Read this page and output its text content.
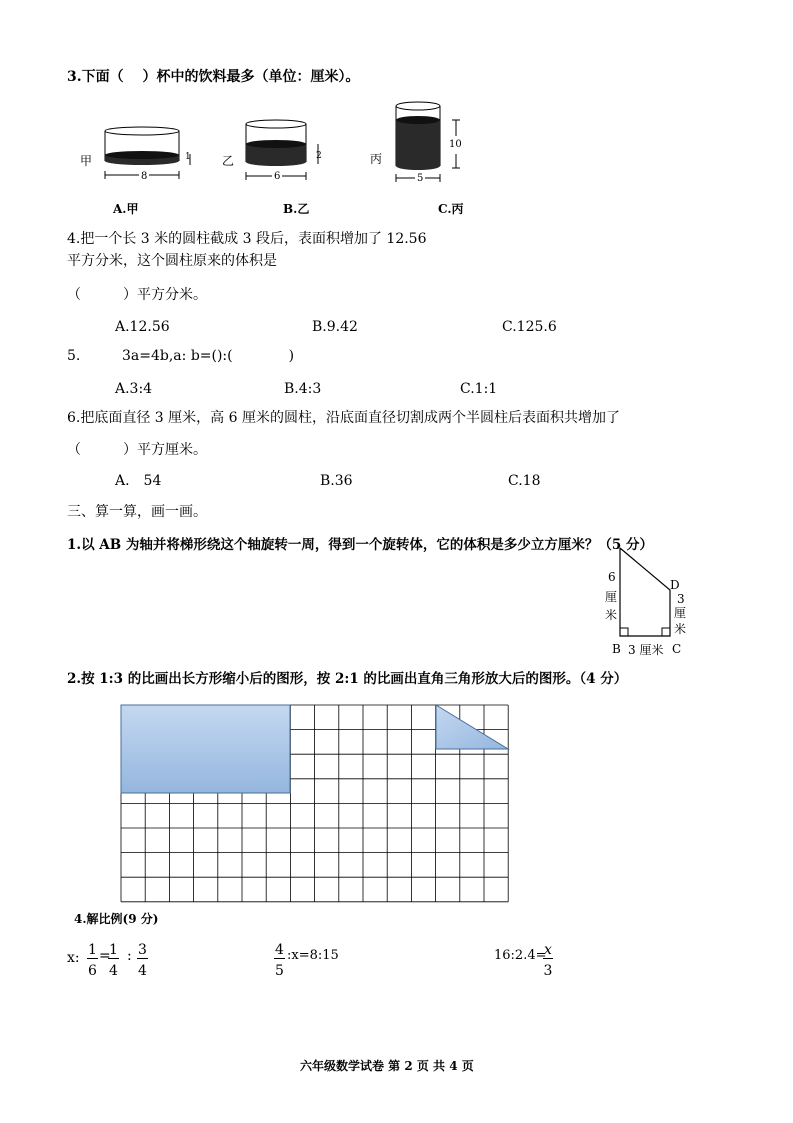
3.下面（　 ）杯中的饮料最多（单位：厘米）。
甲	1
8
乙	2
6
丙
10
5
A.甲	B.乙	C.丙
4.把一个长 3 米的圆柱截成 3 段后，表面积增加了 12.56
平方分米，这个圆柱原来的体积是
（　　　）平方分米。
A.12.56	B.9.42	C.125.6
5.	3a=4b,a: b=():(　　　　)
A.3:4	B.4:3	C.1:1
6.把底面直径 3 厘米，高 6 厘米的圆柱，沿底面直径切割成两个半圆柱后表面积共增加了
（　　　）平方厘米。
A.　54	B.36	C.18
三、算一算，画一画。
1.以 AB 为轴并将梯形绕这个轴旋转一周，得到一个旋转体，它的体积是多少立方厘米？（5 分）
6
厘
米
D
3
厘
米
B 3 厘米 C
2.按 1:3 的比画出长方形缩小后的图形，按 2:1 的比画出直角三角形放大后的图形。（4 分）
4.解比例(9 分)
x: $\frac{1}{6}$ =
$\frac{1}{4}$ : $\frac{3}{4}$	$\frac{4}{5}$ :x=8:15	16:2.4=
$\frac{x}{3}$
六年级数学试卷 第 2 页 共 4 页
